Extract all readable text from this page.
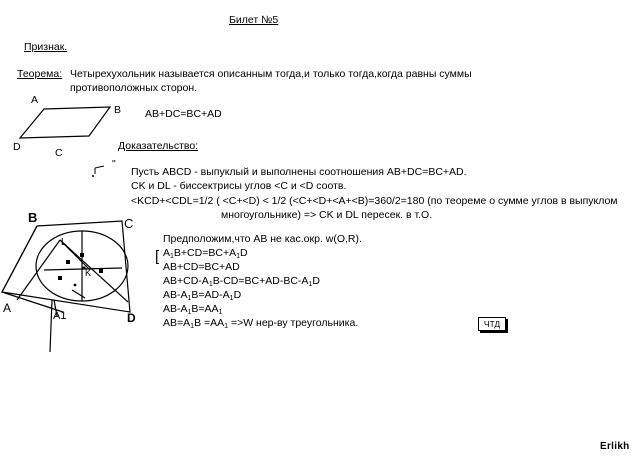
Билет №5
Признак.
Теорема: Четырехухольник называется описанным тогда,и только тогда,когда равны суммы
противоположных сторон.
A
B
C
D
AB+DC=BC+AD
Доказательство:
"
Пусть ABCD - выпуклый и выполнены соотношения AB+DC=BC+AD.
CK и DL - биссектрисы углов <C и <D соотв.
<KCD+<CDL=1/2 ( <C+<D) < 1/2 (<C+<D+<A+<B)=360/2=180 (по теореме о сумме углов в выпуклом
многоугольнике) => CK и DL пересек. в т.О.
Предположим,что AB не кас.окр. w(O,R).
[ $A_1B+CD=BC+A_1D$
AB+CD=BC+AD
$AB+CD-A_1B-CD=BC+AD-BC-A_1D$
$AB-A_1B=AD-A_1D$
$AB-A_1B=AA_1$
$AB=A_1B =AA_1 =>W$ нер-ву треугольника.
B	C
A
A1	D
L
K
ЧТД
Erlikh
